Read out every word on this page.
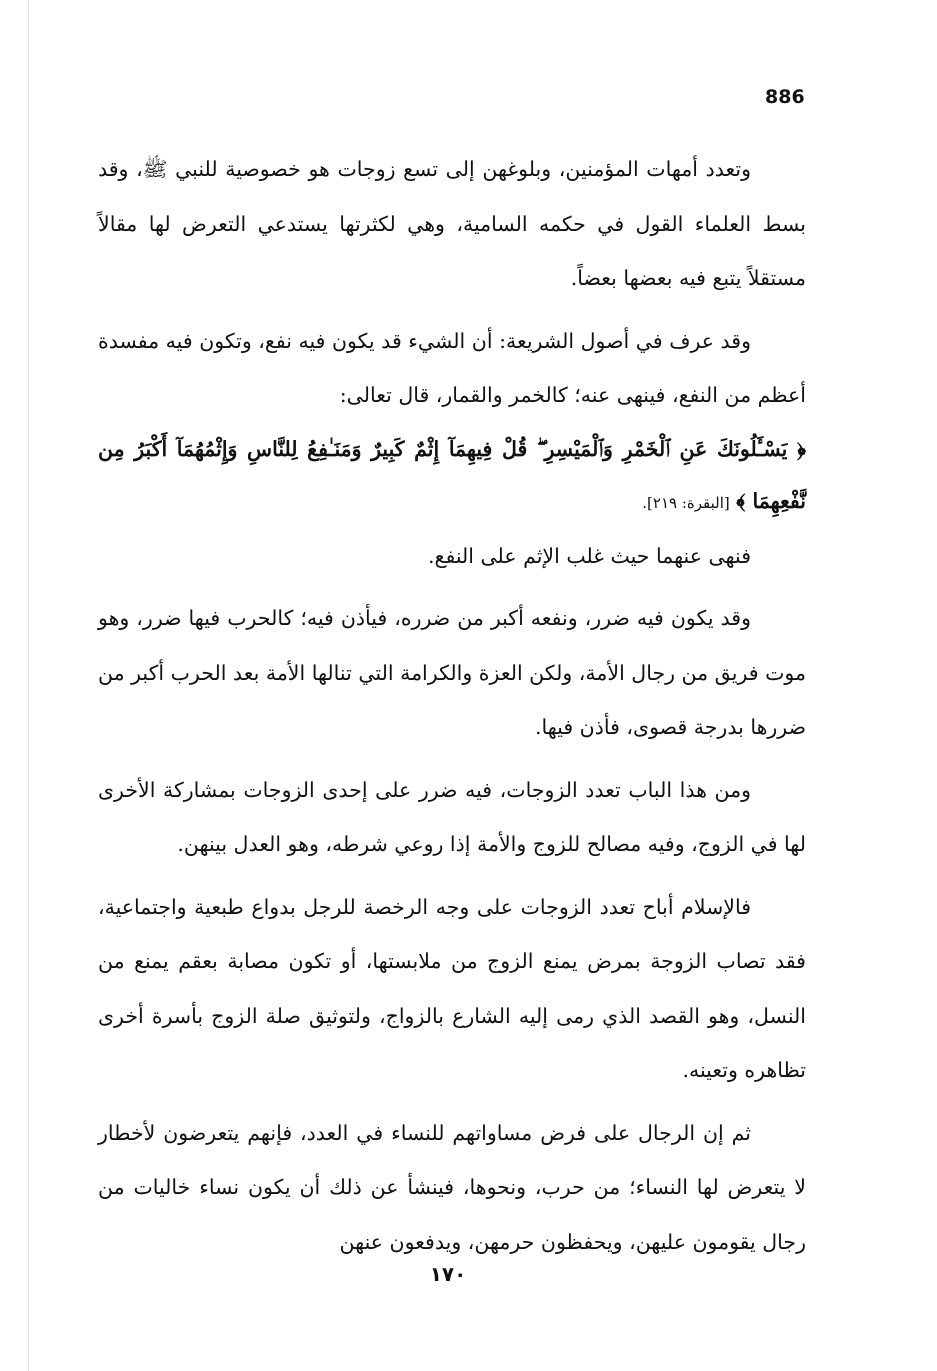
886

وتعدد أمهات المؤمنين، وبلوغهن إلى تسع زوجات هو خصوصية للنبي ﷺ، وقد بسط العلماء القول في حكمه السامية، وهي لكثرتها يستدعي التعرض لها مقالاً مستقلاً يتبع فيه بعضها بعضاً.

وقد عرف في أصول الشريعة: أن الشيء قد يكون فيه نفع، وتكون فيه مفسدة أعظم من النفع، فينهى عنه؛ كالخمر والقمار، قال تعالى:

﴿ يَسْـَٔلُونَكَ عَنِ ٱلْخَمْرِ وَٱلْمَيْسِرِ ۖ قُلْ فِيهِمَآ إِثْمٌ كَبِيرٌ وَمَنَـٰفِعُ لِلنَّاسِ وَإِثْمُهُمَآ أَكْبَرُ مِن نَّفْعِهِمَا ﴾ [البقرة: ٢١٩].

فنهى عنهما حيث غلب الإثم على النفع.

وقد يكون فيه ضرر، ونفعه أكبر من ضرره، فيأذن فيه؛ كالحرب فيها ضرر، وهو موت فريق من رجال الأمة، ولكن العزة والكرامة التي تنالها الأمة بعد الحرب أكبر من ضررها بدرجة قصوى، فأذن فيها.

ومن هذا الباب تعدد الزوجات، فيه ضرر على إحدى الزوجات بمشاركة الأخرى لها في الزوج، وفيه مصالح للزوج والأمة إذا روعي شرطه، وهو العدل بينهن.

فالإسلام أباح تعدد الزوجات على وجه الرخصة للرجل بدواع طبعية واجتماعية، فقد تصاب الزوجة بمرض يمنع الزوج من ملابستها، أو تكون مصابة بعقم يمنع من النسل، وهو القصد الذي رمى إليه الشارع بالزواج، ولتوثيق صلة الزوج بأسرة أخرى تظاهره وتعينه.

ثم إن الرجال على فرض مساواتهم للنساء في العدد، فإنهم يتعرضون لأخطار لا يتعرض لها النساء؛ من حرب، ونحوها، فينشأ عن ذلك أن يكون نساء خاليات من رجال يقومون عليهن، ويحفظون حرمهن، ويدفعون عنهن

١٧٠
